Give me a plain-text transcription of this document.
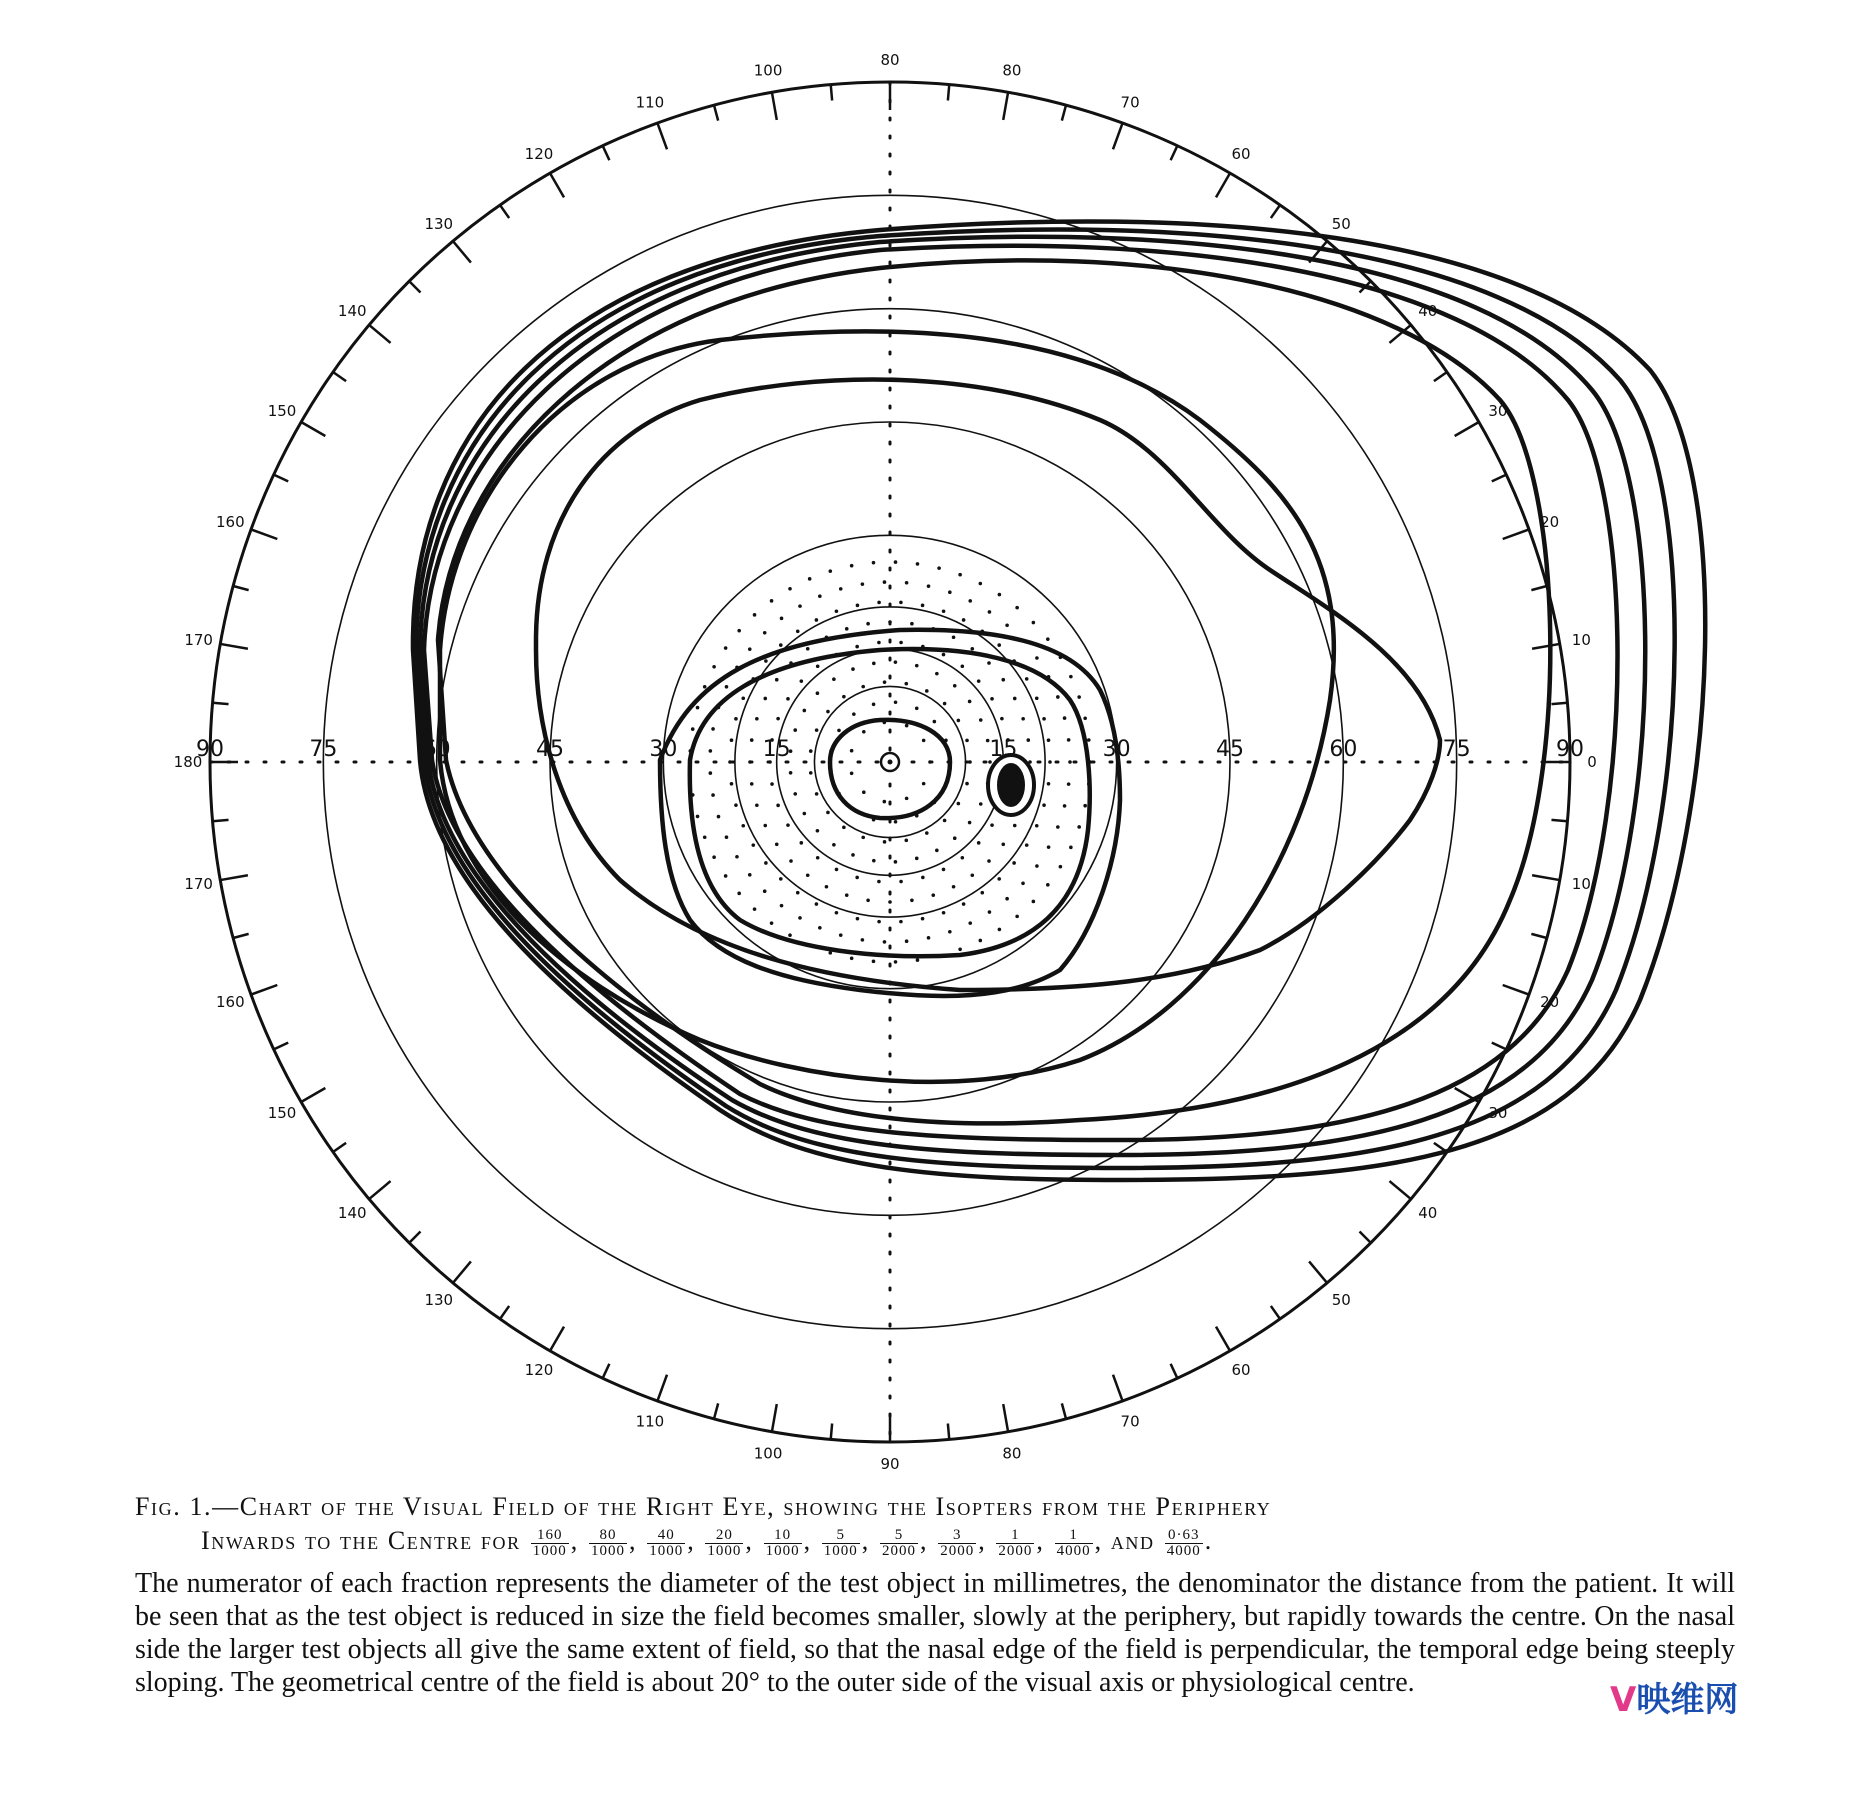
80
80
70
60
50
40
30
20
10
100
110
120
130
140
150
160
170
180
170
160
150
140
130
120
110
100
90
80
70
60
50
40
30
20
10
0
90	75	60	45	30	15	15	30	45	60	75	90
Fig. 1.—Chart of the Visual Field of the Right Eye, showing the Isopters from the Periphery
Inwards to the Centre for $\frac{160}{1000}$ , $\frac{80}{1000}$ , $\frac{40}{1000}$ , $\frac{20}{1000}$ , $\frac{10}{1000}$ , $\frac{5}{1000}$ , $\frac{5}{2000}$ , $\frac{3}{2000}$ , $\frac{1}{2000}$ , $\frac{1}{4000}$ , and $\frac{0\cdot 63}{4000}$ .
The numerator of each fraction represents the diameter of the test object in millimetres, the denominator the distance from the patient. It will be seen that as the test object is reduced in size the field becomes smaller, slowly at the periphery, but rapidly towards the centre. On the nasal side the larger test objects all give the same extent of field, so that the nasal edge of the field is perpendicular, the temporal edge being steeply sloping. The geometrical centre of the field is about 20° to the outer side of the visual axis or physiological centre.	V映维网
